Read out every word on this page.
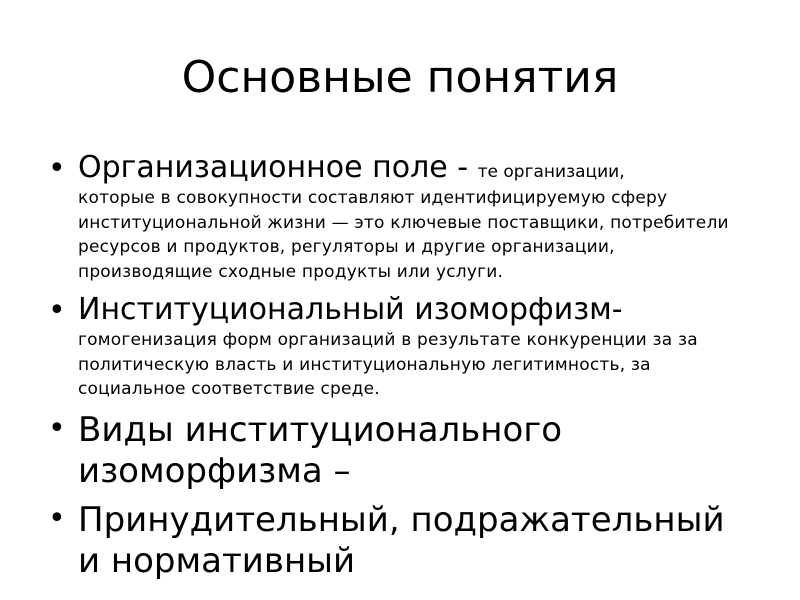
Основные понятия
• Организационное поле - те организации,
которые в совокупности составляют идентифицируемую сферу институциональной жизни — это ключевые поставщики, потребители ресурсов и продуктов, регуляторы и другие организации, производящие сходные продукты или услуги.
• Институциональный изоморфизм-
гомогенизация форм организаций в результате конкуренции за за политическую власть и институциональную легитимность, за социальное соответствие среде.
• Виды институционального изоморфизма –
• Принудительный, подражательный и нормативный
